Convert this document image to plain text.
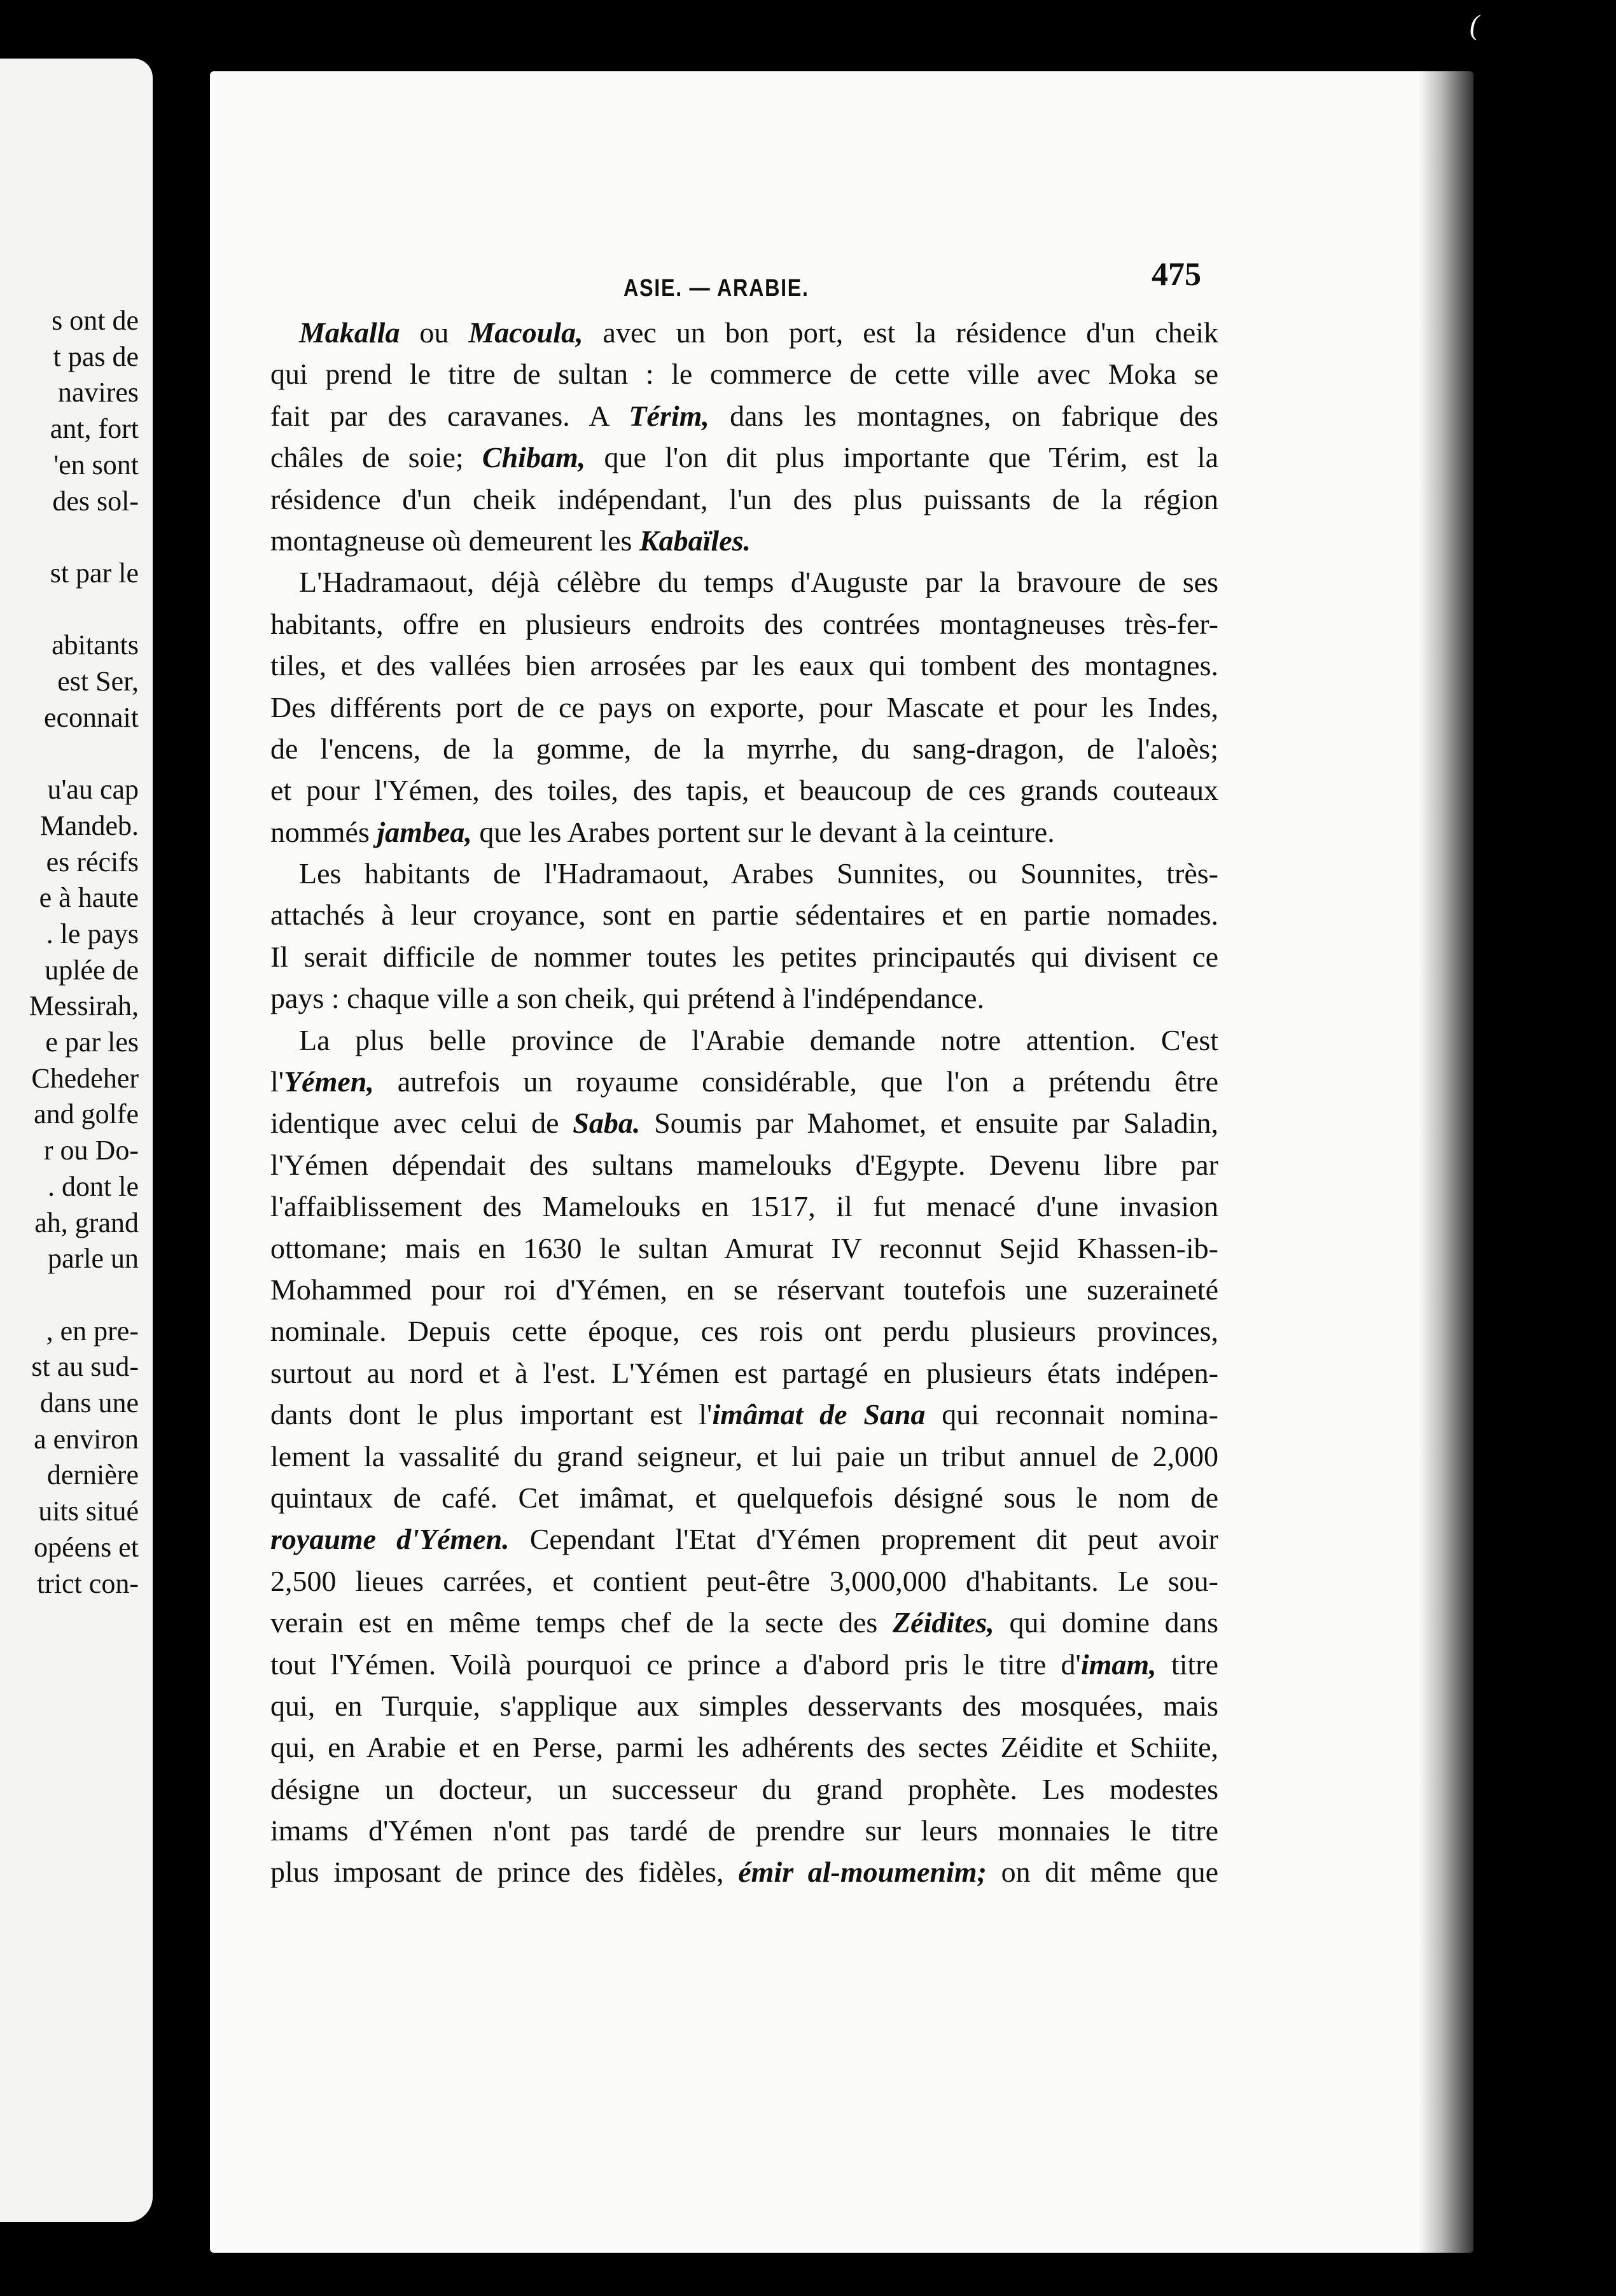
s ont de
t pas de
navires
ant, fort
'en sont
des sol-
st par le
abitants
est Ser,
econnait
u'au cap
Mandeb.
es récifs
e à haute
. le pays
uplée de
Messirah,
e par les
Chedeher
and golfe
r ou Do-
. dont le
ah, grand
parle un
, en pre-
st au sud-
dans une
a environ
dernière
uits situé
opéens et
trict con-
(
ASIE. — ARABIE.	475
Makalla ou Macoula, avec un bon port, est la résidence d'un cheik
qui prend le titre de sultan : le commerce de cette ville avec Moka se
fait par des caravanes. A Térim, dans les montagnes, on fabrique des
châles de soie; Chibam, que l'on dit plus importante que Térim, est la
résidence d'un cheik indépendant, l'un des plus puissants de la région
montagneuse où demeurent les Kabaïles.
L'Hadramaout, déjà célèbre du temps d'Auguste par la bravoure de ses
habitants, offre en plusieurs endroits des contrées montagneuses très-fer-
tiles, et des vallées bien arrosées par les eaux qui tombent des montagnes.
Des différents port de ce pays on exporte, pour Mascate et pour les Indes,
de l'encens, de la gomme, de la myrrhe, du sang-dragon, de l'aloès;
et pour l'Yémen, des toiles, des tapis, et beaucoup de ces grands couteaux
nommés jambea, que les Arabes portent sur le devant à la ceinture.
Les habitants de l'Hadramaout, Arabes Sunnites, ou Sounnites, très-
attachés à leur croyance, sont en partie sédentaires et en partie nomades.
Il serait difficile de nommer toutes les petites principautés qui divisent ce
pays : chaque ville a son cheik, qui prétend à l'indépendance.
La plus belle province de l'Arabie demande notre attention. C'est
l'Yémen, autrefois un royaume considérable, que l'on a prétendu être
identique avec celui de Saba. Soumis par Mahomet, et ensuite par Saladin,
l'Yémen dépendait des sultans mamelouks d'Egypte. Devenu libre par
l'affaiblissement des Mamelouks en 1517, il fut menacé d'une invasion
ottomane; mais en 1630 le sultan Amurat IV reconnut Sejid Khassen-ib-
Mohammed pour roi d'Yémen, en se réservant toutefois une suzeraineté
nominale. Depuis cette époque, ces rois ont perdu plusieurs provinces,
surtout au nord et à l'est. L'Yémen est partagé en plusieurs états indépen-
dants dont le plus important est l'imâmat de Sana qui reconnait nomina-
lement la vassalité du grand seigneur, et lui paie un tribut annuel de 2,000
quintaux de café. Cet imâmat, et quelquefois désigné sous le nom de
royaume d'Yémen. Cependant l'Etat d'Yémen proprement dit peut avoir
2,500 lieues carrées, et contient peut-être 3,000,000 d'habitants. Le sou-
verain est en même temps chef de la secte des Zéidites, qui domine dans
tout l'Yémen. Voilà pourquoi ce prince a d'abord pris le titre d'imam, titre
qui, en Turquie, s'applique aux simples desservants des mosquées, mais
qui, en Arabie et en Perse, parmi les adhérents des sectes Zéidite et Schiite,
désigne un docteur, un successeur du grand prophète. Les modestes
imams d'Yémen n'ont pas tardé de prendre sur leurs monnaies le titre
plus imposant de prince des fidèles, émir al-moumenim; on dit même que
